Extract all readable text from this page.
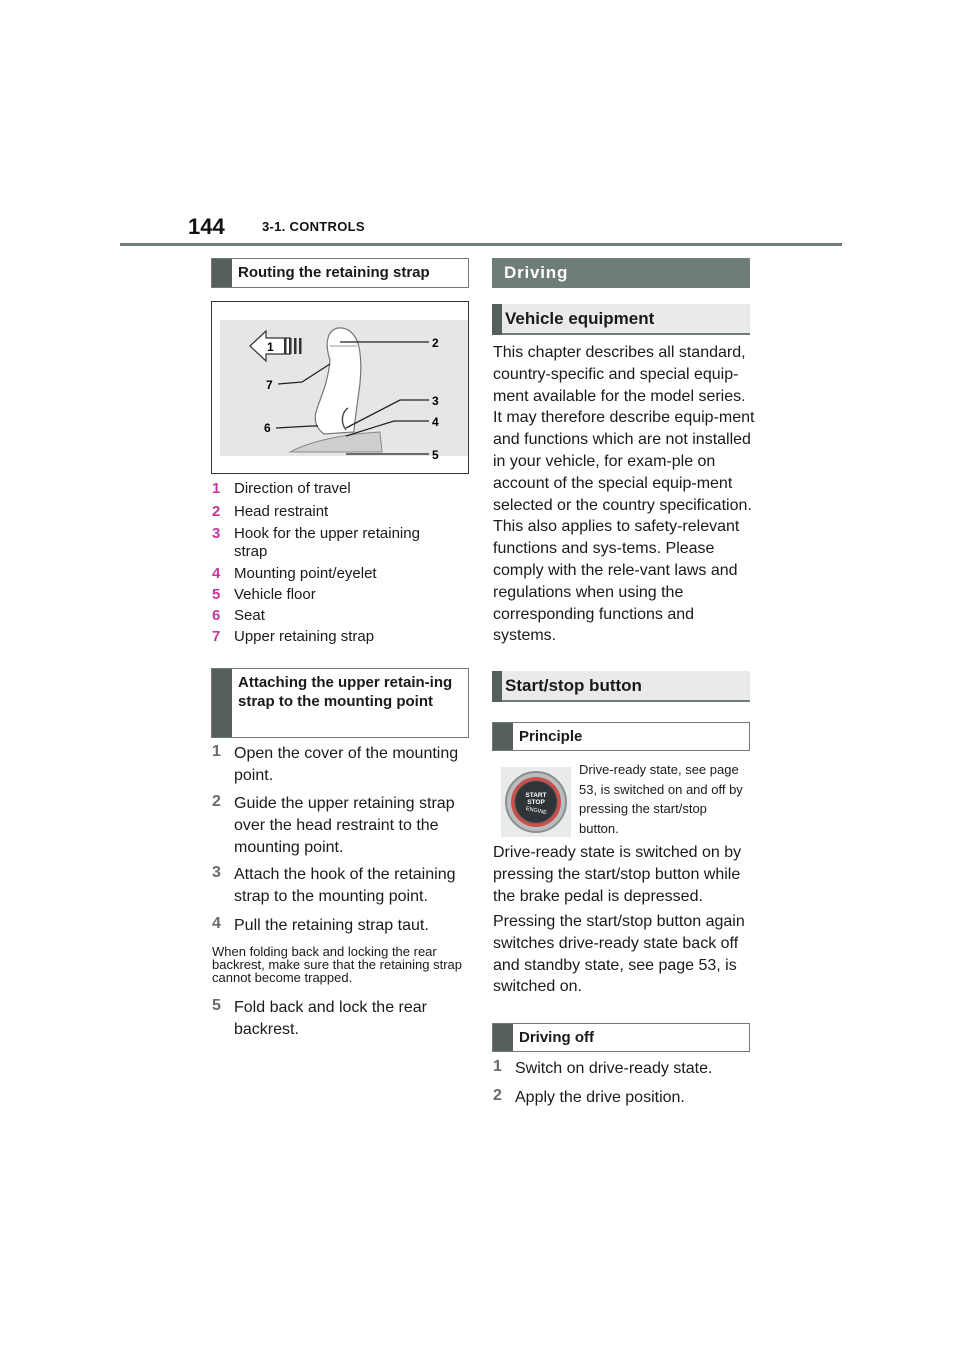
144	3-1. CONTROLS
Routing the retaining strap
1	2
7
3
4
6
5
1 Direction of travel
2 Head restraint
3 Hook for the upper retaining strap
4 Mounting point/eyelet
5 Vehicle floor
6 Seat
7 Upper retaining strap
Attaching the upper retain-ing strap to the mounting point
1 Open the cover of the mounting point.
2 Guide the upper retaining strap over the head restraint to the mounting point.
3 Attach the hook of the retaining strap to the mounting point.
4 Pull the retaining strap taut.
When folding back and locking the rear backrest, make sure that the retaining strap cannot become trapped.
5 Fold back and lock the rear backrest.
Driving
Vehicle equipment
This chapter describes all standard, country-specific and special equip-ment available for the model series. It may therefore describe equip-ment and functions which are not installed in your vehicle, for exam-ple on account of the special equip-ment selected or the country specification. This also applies to safety-relevant functions and sys-tems. Please comply with the rele-vant laws and regulations when using the corresponding functions and systems.
Start/stop button
Principle
START
STOP
ENGINE
Drive-ready state, see page 53, is switched on and off by pressing the start/stop button.
Drive-ready state is switched on by pressing the start/stop button while the brake pedal is depressed.
Pressing the start/stop button again switches drive-ready state back off and standby state, see page 53, is switched on.
Driving off
1 Switch on drive-ready state.
2 Apply the drive position.
